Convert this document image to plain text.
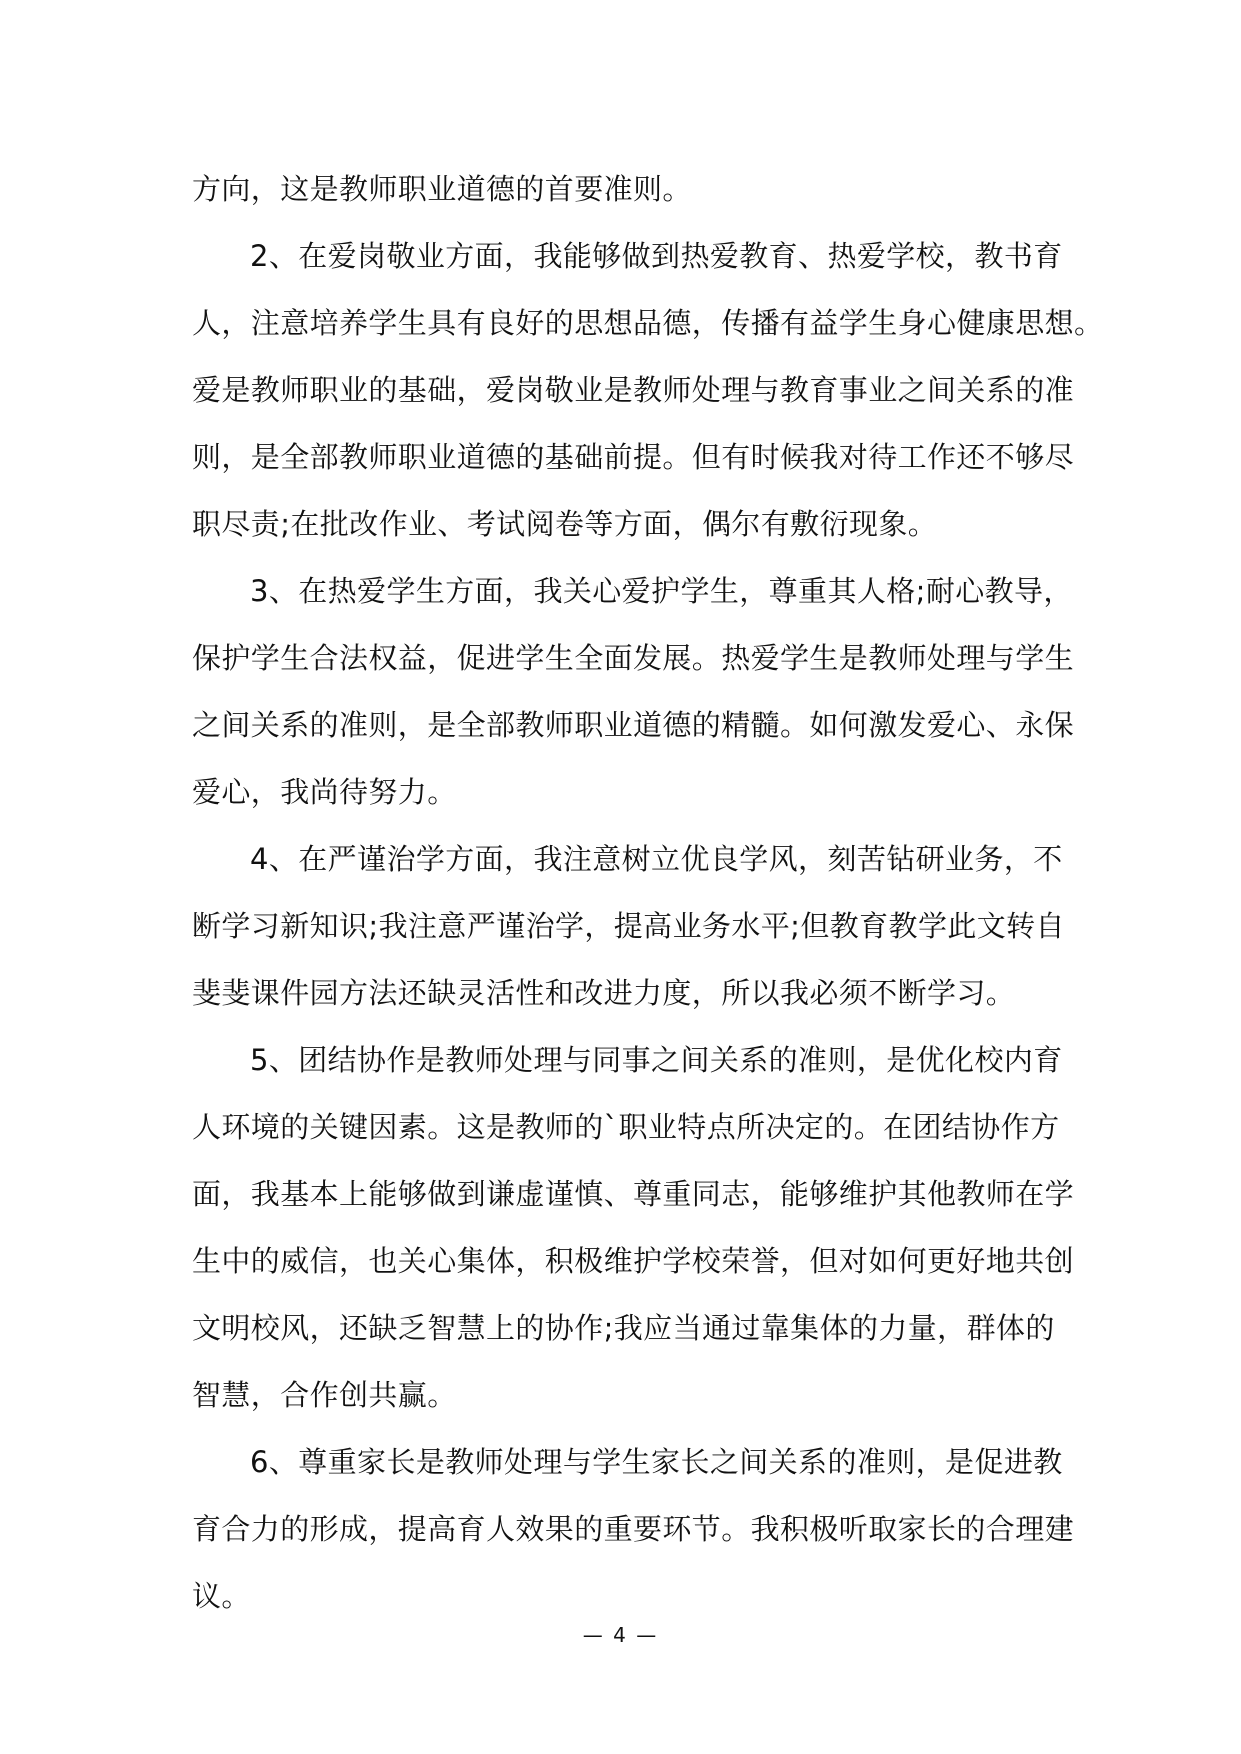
方向，这是教师职业道德的首要准则。
2、在爱岗敬业方面，我能够做到热爱教育、热爱学校，教书育
人，注意培养学生具有良好的思想品德，传播有益学生身心健康思想。
爱是教师职业的基础，爱岗敬业是教师处理与教育事业之间关系的准
则，是全部教师职业道德的基础前提。但有时候我对待工作还不够尽
职尽责;在批改作业、考试阅卷等方面，偶尔有敷衍现象。
3、在热爱学生方面，我关心爱护学生，尊重其人格;耐心教导，
保护学生合法权益，促进学生全面发展。热爱学生是教师处理与学生
之间关系的准则，是全部教师职业道德的精髓。如何激发爱心、永保
爱心，我尚待努力。
4、在严谨治学方面，我注意树立优良学风，刻苦钻研业务，不
断学习新知识;我注意严谨治学，提高业务水平;但教育教学此文转自
斐斐课件园方法还缺灵活性和改进力度，所以我必须不断学习。
5、团结协作是教师处理与同事之间关系的准则，是优化校内育
人环境的关键因素。这是教师的`职业特点所决定的。在团结协作方
面，我基本上能够做到谦虚谨慎、尊重同志，能够维护其他教师在学
生中的威信，也关心集体，积极维护学校荣誉，但对如何更好地共创
文明校风，还缺乏智慧上的协作;我应当通过靠集体的力量，群体的
智慧，合作创共赢。
6、尊重家长是教师处理与学生家长之间关系的准则，是促进教
育合力的形成，提高育人效果的重要环节。我积极听取家长的合理建
议。
— 4 —
